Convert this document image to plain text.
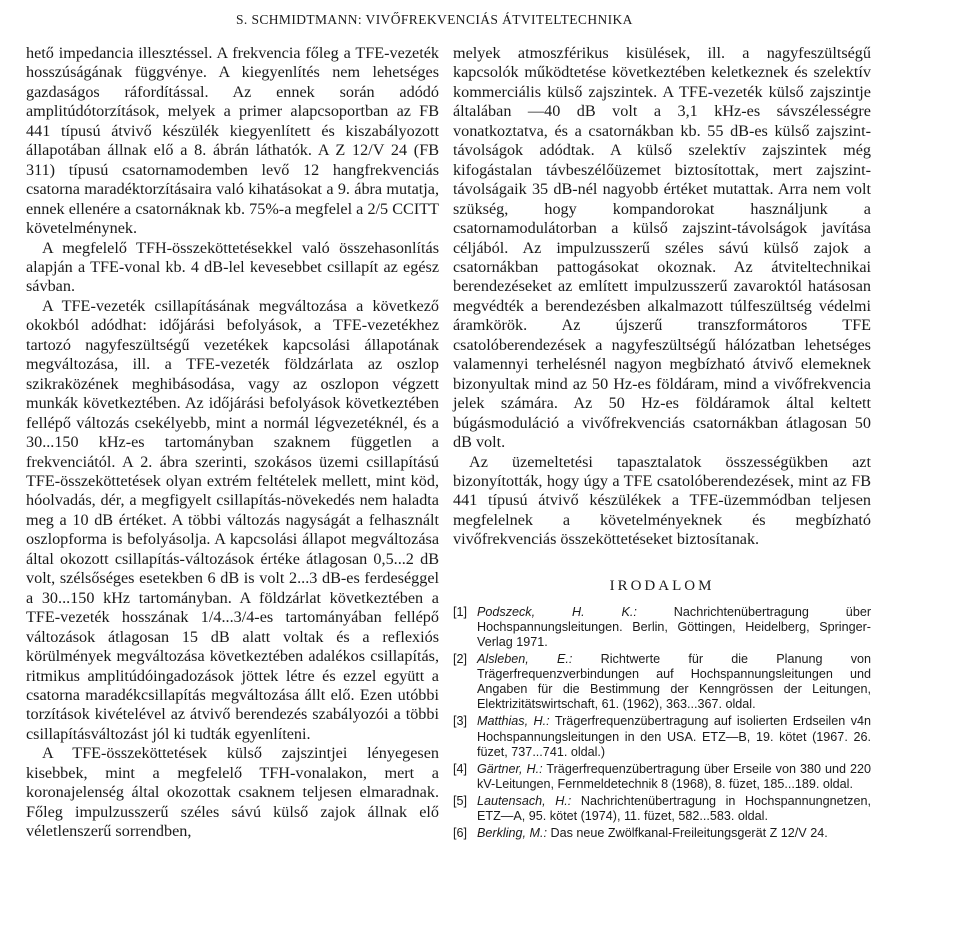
S. SCHMIDTMANN: VIVŐFREKVENCIÁS ÁTVITELTECHNIKA

hető impedancia illesztéssel. A frekvencia főleg a TFE-vezeték hosszúságának függvénye. A kiegyenlítés nem lehetséges gazdaságos ráfordítással. Az ennek során adódó amplitúdótorzítások, melyek a primer alapcsoportban az FB 441 típusú átvivő készülék kiegyenlített és kiszabályozott állapotában állnak elő a 8. ábrán láthatók. A Z 12/V 24 (FB 311) típusú csatornamodemben levő 12 hangfrekvenciás csatorna maradéktorzításaira való kihatásokat a 9. ábra mutatja, ennek ellenére a csatornáknak kb. 75%-a megfelel a 2/5 CCITT követelménynek.

A megfelelő TFH-összeköttetésekkel való összehasonlítás alapján a TFE-vonal kb. 4 dB-lel kevesebbet csillapít az egész sávban.

A TFE-vezeték csillapításának megváltozása a következő okokból adódhat: időjárási befolyások, a TFE-vezetékhez tartozó nagyfeszültségű vezetékek kapcsolási állapotának megváltozása, ill. a TFE-vezeték földzárlata az oszlop szikraközének meghibásodása, vagy az oszlopon végzett munkák következtében. Az időjárási befolyások következtében fellépő változás csekélyebb, mint a normál légvezetéknél, és a 30...150 kHz-es tartományban szaknem független a frekvenciától. A 2. ábra szerinti, szokásos üzemi csillapítású TFE-összeköttetések olyan extrém feltételek mellett, mint köd, hóolvadás, dér, a megfigyelt csillapítás-növekedés nem haladta meg a 10 dB értéket. A többi változás nagyságát a felhasznált oszlopforma is befolyásolja. A kapcsolási állapot megváltozása által okozott csillapítás-változások értéke átlagosan 0,5...2 dB volt, szélsőséges esetekben 6 dB is volt 2...3 dB-es ferdeséggel a 30...150 kHz tartományban. A földzárlat következtében a TFE-vezeték hosszának 1/4...3/4-es tartományában fellépő változások átlagosan 15 dB alatt voltak és a reflexiós körülmények megváltozása következtében adalékos csillapítás, ritmikus amplitúdóingadozások jöttek létre és ezzel együtt a csatorna maradékcsillapítás megváltozása állt elő. Ezen utóbbi torzítások kivételével az átvivő berendezés szabályozói a többi csillapításváltozást jól ki tudták egyenlíteni.

A TFE-összeköttetések külső zajszintjei lényegesen kisebbek, mint a megfelelő TFH-vonalakon, mert a koronajelenség által okozottak csaknem teljesen elmaradnak. Főleg impulzusszerű széles sávú külső zajok állnak elő véletlenszerű sorrendben,

melyek atmoszférikus kisülések, ill. a nagyfeszültségű kapcsolók működtetése következtében keletkeznek és szelektív kommerciális külső zajszintek. A TFE-vezeték külső zajszintje általában —40 dB volt a 3,1 kHz-es sávszélességre vonatkoztatva, és a csatornákban kb. 55 dB-es külső zajszint-távolságok adódtak. A külső szelektív zajszintek még kifogástalan távbeszélőüzemet biztosítottak, mert zajszint-távolságaik 35 dB-nél nagyobb értéket mutattak. Arra nem volt szükség, hogy kompandorokat használjunk a csatornamodulátorban a külső zajszint-távolságok javítása céljából. Az impulzusszerű széles sávú külső zajok a csatornákban pattogásokat okoznak. Az átviteltechnikai berendezéseket az említett impulzusszerű zavaroktól hatásosan megvédték a berendezésben alkalmazott túlfeszültség védelmi áramkörök. Az újszerű transzformátoros TFE csatolóberendezések a nagyfeszültségű hálózatban lehetséges valamennyi terhelésnél nagyon megbízható átvivő elemeknek bizonyultak mind az 50 Hz-es földáram, mind a vivőfrekvencia jelek számára. Az 50 Hz-es földáramok által keltett búgásmoduláció a vivőfrekvenciás csatornákban átlagosan 50 dB volt.

Az üzemeltetési tapasztalatok összességükben azt bizonyították, hogy úgy a TFE csatolóberendezések, mint az FB 441 típusú átvivő készülékek a TFE-üzemmódban teljesen megfelelnek a követelményeknek és megbízható vivőfrekvenciás összeköttetéseket biztosítanak.

IRODALOM
[1] Podszeck, H. K.:	Nachrichtenübertragung über Hochspannungsleitungen. Berlin, Göttingen, Heidelberg, Springer-Verlag 1971.
[2] Alsleben, E.: Richtwerte für die Planung von Trägerfrequenzverbindungen auf Hochspannungsleitungen und Angaben für die Bestimmung der Kenngrössen der Leitungen, Elektrizitätswirtschaft, 61. (1962), 363...367. oldal.
[3] Matthias, H.: Trägerfrequenzübertragung auf isolierten Erdseilen v4n Hochspannungsleitungen in den USA. ETZ—B, 19. kötet (1967. 26. füzet, 737...741. oldal.)
[4] Gärtner, H.: Trägerfrequenzübertragung über Erseile von 380 und 220 kV-Leitungen, Fernmeldetechnik 8 (1968), 8. füzet, 185...189. oldal.
[5] Lautensach, H.: Nachrichtenübertragung in Hochspannungnetzen, ETZ—A, 95. kötet (1974), 11. füzet, 582...583. oldal.
[6] Berkling, M.: Das neue Zwölfkanal-Freileitungsgerät Z 12/V 24.
